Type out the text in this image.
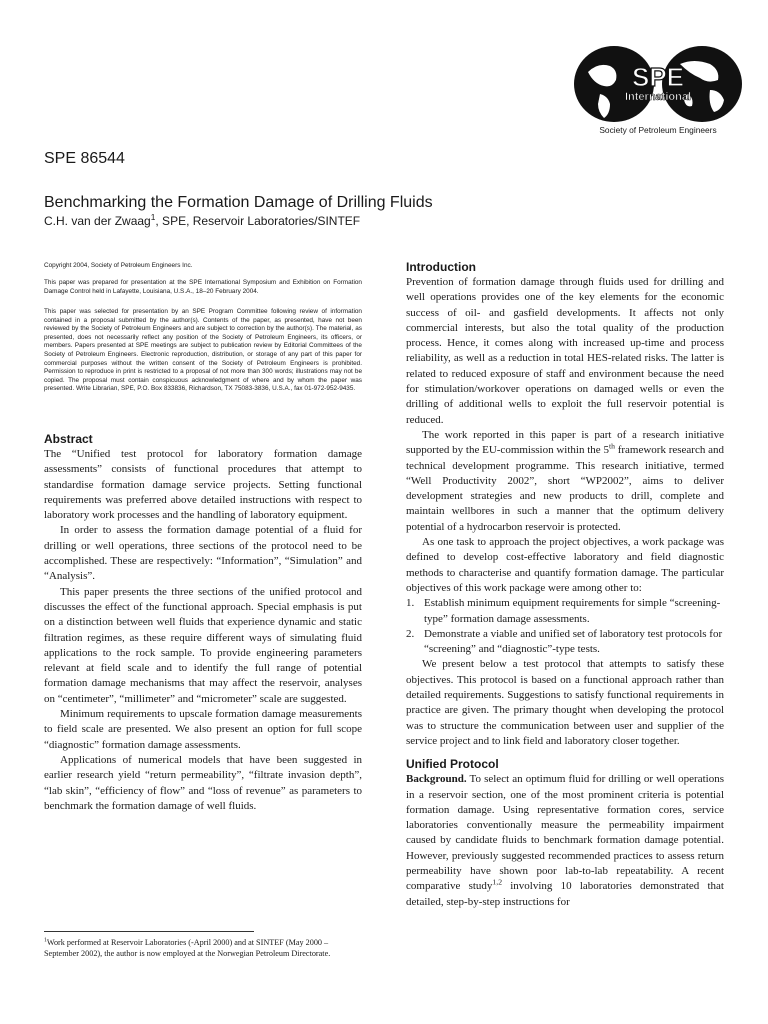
SPE
International
Society of Petroleum Engineers
SPE 86544
Benchmarking the Formation Damage of Drilling Fluids
C.H. van der Zwaag$^1$, SPE, Reservoir Laboratories/SINTEF
Copyright 2004, Society of Petroleum Engineers Inc.
This paper was prepared for presentation at the SPE International Symposium and Exhibition on Formation Damage Control held in Lafayette, Louisiana, U.S.A., 18–20 February 2004.
This paper was selected for presentation by an SPE Program Committee following review of information contained in a proposal submitted by the author(s). Contents of the paper, as presented, have not been reviewed by the Society of Petroleum Engineers and are subject to correction by the author(s). The material, as presented, does not necessarily reflect any position of the Society of Petroleum Engineers, its officers, or members. Papers presented at SPE meetings are subject to publication review by Editorial Committees of the Society of Petroleum Engineers. Electronic reproduction, distribution, or storage of any part of this paper for commercial purposes without the written consent of the Society of Petroleum Engineers is prohibited. Permission to reproduce in print is restricted to a proposal of not more than 300 words; illustrations may not be copied. The proposal must contain conspicuous acknowledgment of where and by whom the paper was presented. Write Librarian, SPE, P.O. Box 833836, Richardson, TX 75083-3836, U.S.A., fax 01-972-952-9435.
Abstract

The “Unified test protocol for laboratory formation damage assessments” consists of functional procedures that attempt to standardise formation damage service projects. Setting functional requirements was preferred above detailed instructions with respect to laboratory work processes and the handling of laboratory equipment.

In order to assess the formation damage potential of a fluid for drilling or well operations, three sections of the protocol need to be accomplished. These are respectively: “Information”, “Simulation” and “Analysis”.

This paper presents the three sections of the unified protocol and discusses the effect of the functional approach. Special emphasis is put on a distinction between well fluids that experience dynamic and static filtration regimes, as these require different ways of simulating fluid applications to the rock sample. To provide engineering parameters relevant at field scale and to identify the full range of potential formation damage mechanisms that may affect the reservoir, analyses on “centimeter”, “millimeter” and “micrometer” scale are suggested.

Minimum requirements to upscale formation damage measurements to field scale are presented. We also present an option for full scope “diagnostic” formation damage assessments.

Applications of numerical models that have been suggested in earlier research yield “return permeability”, “filtrate invasion depth”, “lab skin”, “efficiency of flow” and “loss of revenue” as parameters to benchmark the formation damage of well fluids.

$^1$Work performed at Reservoir Laboratories (-April 2000) and at SINTEF (May 2000 – September 2002), the author is now employed at the Norwegian Petroleum Directorate.
Introduction

Prevention of formation damage through fluids used for drilling and well operations provides one of the key elements for the economic success of oil- and gasfield developments. It affects not only commercial interests, but also the total quality of the production process. Hence, it comes along with increased up-time and process reliability, as well as a reduction in total HES-related risks. The latter is related to reduced exposure of staff and environment because the need for stimulation/workover operations on damaged wells or even the drilling of additional wells to exploit the full reservoir potential is reduced.

The work reported in this paper is part of a research initiative supported by the EU-commission within the 5th framework research and technical development programme. This research initiative, termed “Well Productivity 2002”, short “WP2002”, aims to deliver development strategies and new products to drill, complete and maintain wellbores in such a manner that the optimum delivery potential of a hydrocarbon reservoir is protected.

As one task to approach the project objectives, a work package was defined to develop cost-effective laboratory and field diagnostic methods to characterise and quantify formation damage. The particular objectives of this work package were among other to:

1. Establish minimum equipment requirements for simple “screening-type” formation damage assessments.
2. Demonstrate a viable and unified set of laboratory test protocols for “screening” and “diagnostic”-type tests.

We present below a test protocol that attempts to satisfy these objectives. This protocol is based on a functional approach rather than detailed requirements. Suggestions to satisfy functional requirements in practice are given. The primary thought when developing the protocol was to structure the communication between user and supplier of the service project and to link field and laboratory closer together.

Unified Protocol

Background. To select an optimum fluid for drilling or well operations in a reservoir section, one of the most prominent criteria is potential formation damage. Using representative formation cores, service laboratories conventionally measure the permeability impairment caused by candidate fluids to benchmark formation damage potential. However, previously suggested recommended practices to assess return permeability have shown poor lab-to-lab repeatability. A recent comparative study$^{1,2}$ involving 10 laboratories demonstrated that detailed, step-by-step instructions for
